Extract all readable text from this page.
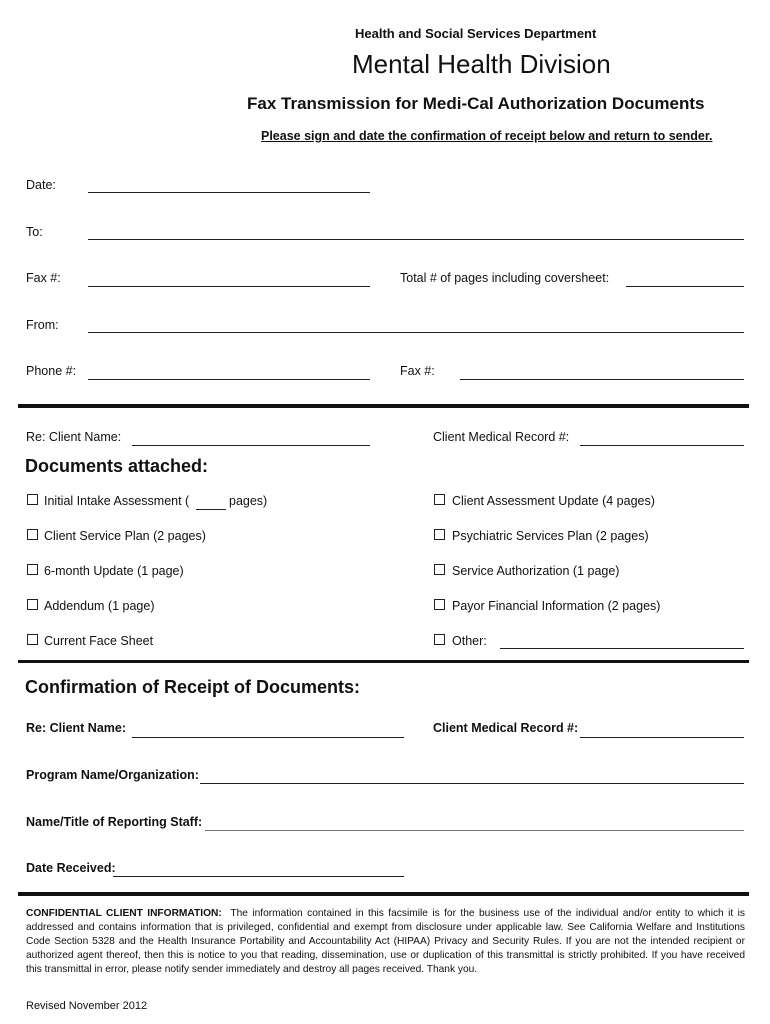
Health and Social Services Department
Mental Health Division
Fax Transmission for Medi-Cal Authorization Documents
Please sign and date the confirmation of receipt below and return to sender.
Date:
To:
Fax #:	Total # of pages including coversheet:
From:
Phone #:	Fax #:
Re: Client Name:	Client Medical Record #:
Documents attached:
Initial Intake Assessment (	pages)
Client Service Plan (2 pages)
6-month Update (1 page)
Addendum (1 page)
Current Face Sheet
Client Assessment Update (4 pages)
Psychiatric Services Plan (2 pages)
Service Authorization (1 page)
Payor Financial Information (2 pages)
Other:
Confirmation of Receipt of Documents:
Re: Client Name:	Client Medical Record #:
Program Name/Organization:
Name/Title of Reporting Staff:
Date Received:
CONFIDENTIAL CLIENT INFORMATION: The information contained in this facsimile is for the business use of the individual and/or entity to which it is addressed and contains information that is privileged, confidential and exempt from disclosure under applicable law. See California Welfare and Institutions Code Section 5328 and the Health Insurance Portability and Accountability Act (HIPAA) Privacy and Security Rules. If you are not the intended recipient or authorized agent thereof, then this is notice to you that reading, dissemination, use or duplication of this transmittal is strictly prohibited. If you have received this transmittal in error, please notify sender immediately and destroy all pages received. Thank you.
Revised November 2012
